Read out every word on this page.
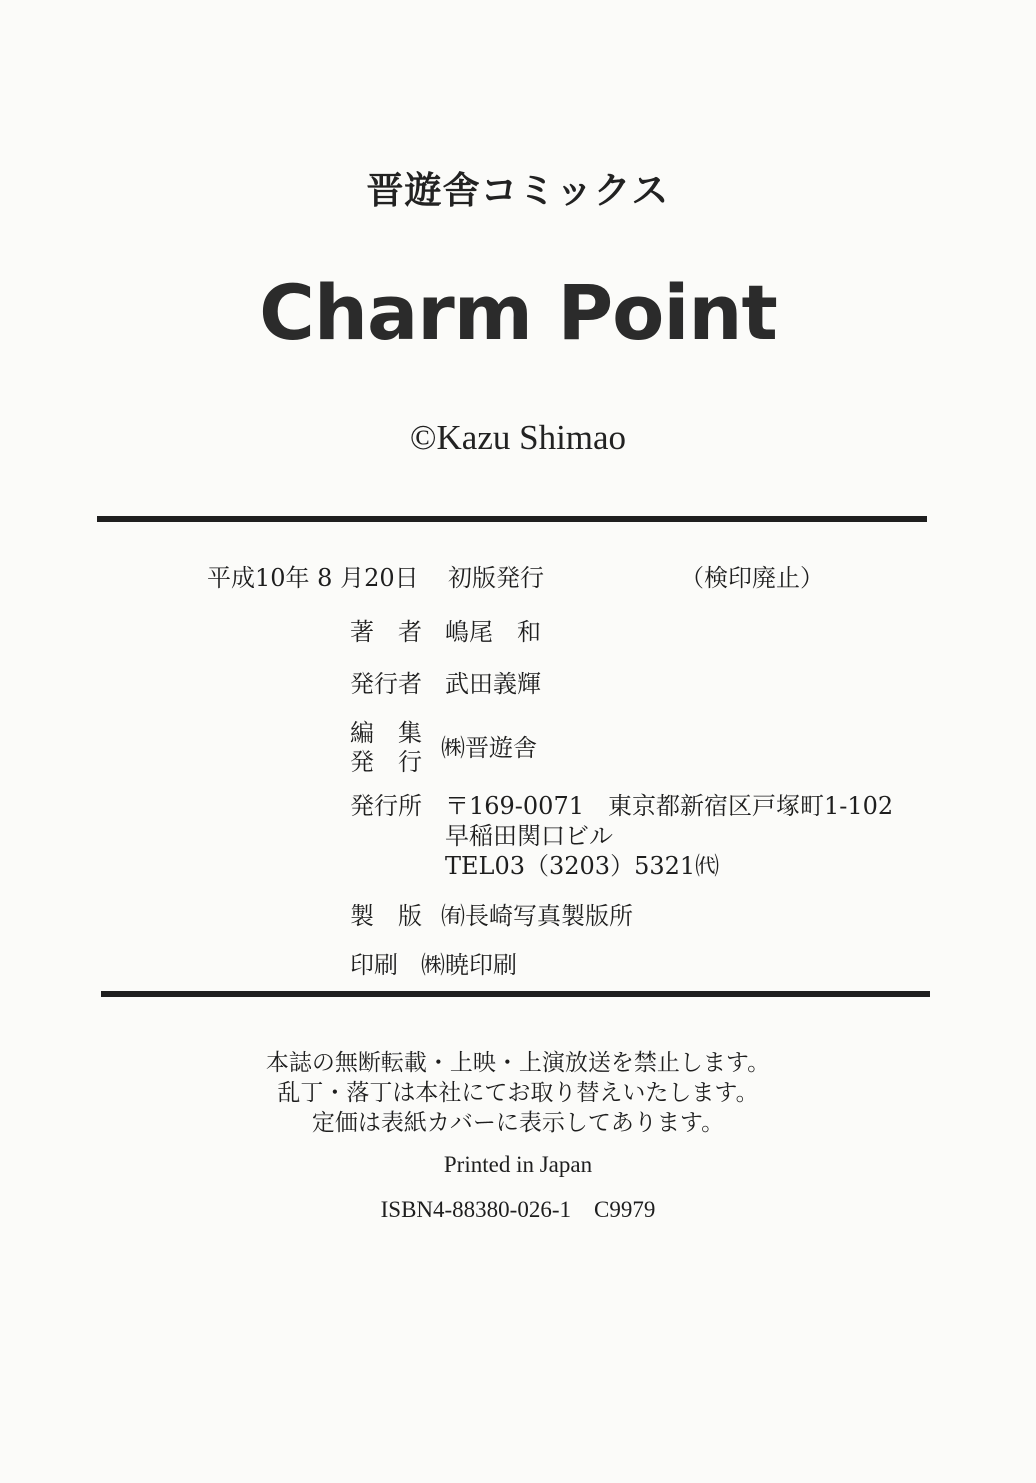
晋遊舎コミックス
Charm Point
©Kazu Shimao
平成10年 8 月20日 初版発行	（検印廃止）
著　者 嶋尾　和
発行者 武田義輝
編　集
発　行 ㈱晋遊舎
発行所 〒169-0071　東京都新宿区戸塚町1-102
早稲田関口ビル
TEL03（3203）5321㈹
製　版 ㈲長崎写真製版所
印刷 ㈱暁印刷
本誌の無断転載・上映・上演放送を禁止します。
乱丁・落丁は本社にてお取り替えいたします。
定価は表紙カバーに表示してあります。
Printed in Japan
ISBN4-88380-026-1　C9979
